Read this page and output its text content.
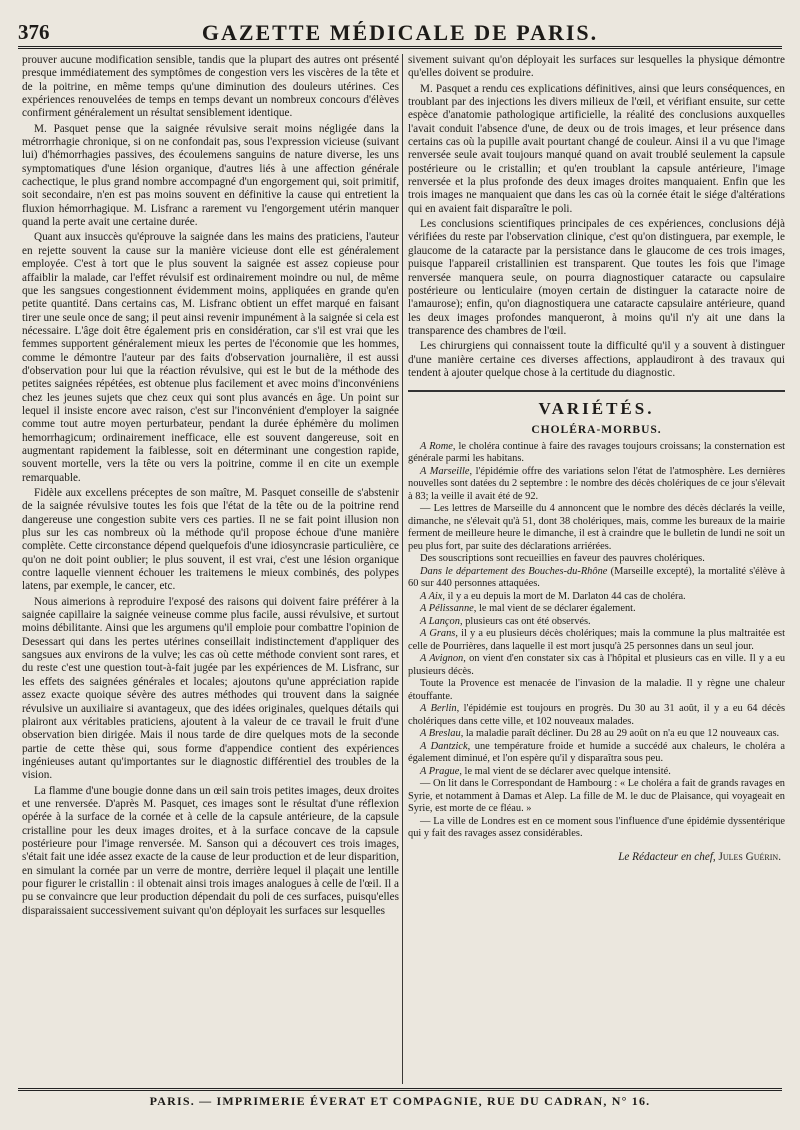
376	GAZETTE MÉDICALE DE PARIS.

prouver aucune modification sensible, tandis que la plupart des autres ont présenté presque immédiatement des symptômes de congestion vers les viscères de la tête et de la poitrine, en même temps qu'une diminution des douleurs utérines. Ces expériences renouvelées de temps en temps devant un nombreux concours d'élèves confirment généralement un résultat sensiblement identique.

M. Pasquet pense que la saignée révulsive serait moins négligée dans la métrorrhagie chronique, si on ne confondait pas, sous l'expression vicieuse (suivant lui) d'hémorrhagies passives, des écoulemens sanguins de nature diverse, les uns symptomatiques d'une lésion organique, d'autres liés à une affection générale cachectique, le plus grand nombre accompagné d'un engorgement qui, soit primitif, soit secondaire, n'en est pas moins souvent en définitive la cause qui entretient la fluxion hémorrhagique. M. Lisfranc a rarement vu l'engorgement utérin manquer quand la perte avait une certaine durée.

Quant aux insuccès qu'éprouve la saignée dans les mains des praticiens, l'auteur en rejette souvent la cause sur la manière vicieuse dont elle est généralement employée. C'est à tort que le plus souvent la saignée est assez copieuse pour affaiblir la malade, car l'effet révulsif est ordinairement moindre ou nul, de même que les sangsues congestionnent évidemment moins, appliquées en grande qu'en petite quantité. Dans certains cas, M. Lisfranc obtient un effet marqué en faisant tirer une seule once de sang; il peut ainsi revenir impunément à la saignée si cela est nécessaire. L'âge doit être également pris en considération, car s'il est vrai que les femmes supportent généralement mieux les pertes de l'économie que les hommes, comme le démontre l'auteur par des faits d'observation journalière, il est aussi d'observation pour lui que la réaction révulsive, qui est le but de la méthode des petites saignées répétées, est obtenue plus facilement et avec moins d'inconvéniens chez les jeunes sujets que chez ceux qui sont plus avancés en âge. Un point sur lequel il insiste encore avec raison, c'est sur l'inconvénient d'employer la saignée comme tout autre moyen perturbateur, pendant la durée éphémère du molimen hemorrhagicum; ordinairement inefficace, elle est souvent dangereuse, soit en augmentant rapidement la faiblesse, soit en déterminant une congestion rapide, souvent mortelle, vers la tête ou vers la poitrine, comme il en cite un exemple remarquable.

Fidèle aux excellens préceptes de son maître, M. Pasquet conseille de s'abstenir de la saignée révulsive toutes les fois que l'état de la tête ou de la poitrine rend dangereuse une congestion subite vers ces parties. Il ne se fait point illusion non plus sur les cas nombreux où la méthode qu'il propose échoue d'une manière complète. Cette circonstance dépend quelquefois d'une idiosyncrasie particulière, ce qu'on ne doit point oublier; le plus souvent, il est vrai, c'est une lésion organique contre laquelle viennent échouer les traitemens le mieux combinés, des polypes latens, par exemple, le cancer, etc.

Nous aimerions à reproduire l'exposé des raisons qui doivent faire préférer à la saignée capillaire la saignée veineuse comme plus facile, aussi révulsive, et surtout moins débilitante. Ainsi que les argumens qu'il emploie pour combattre l'opinion de Desessart qui dans les pertes utérines conseillait indistinctement d'appliquer des sangsues aux environs de la vulve; les cas où cette méthode convient sont rares, et du reste c'est une question tout-à-fait jugée par les expériences de M. Lisfranc, sur les effets des saignées générales et locales; ajoutons qu'une appréciation rapide assez exacte quoique sévère des autres méthodes qui trouvent dans la saignée révulsive un auxiliaire si avantageux, que des idées originales, quelques détails qui plairont aux véritables praticiens, ajoutent à la valeur de ce travail le fruit d'une observation bien dirigée. Mais il nous tarde de dire quelques mots de la seconde partie de cette thèse qui, sous forme d'appendice contient des expériences ingénieuses autant qu'importantes sur le diagnostic différentiel des troubles de la vision.

La flamme d'une bougie donne dans un œil sain trois petites images, deux droites et une renversée. D'après M. Pasquet, ces images sont le résultat d'une réflexion opérée à la surface de la cornée et à celle de la capsule antérieure, de la capsule cristalline pour les deux images droites, et à la surface concave de la capsule postérieure pour l'image renversée. M. Sanson qui a découvert ces trois images, s'était fait une idée assez exacte de la cause de leur production et de leur disparition, en simulant la cornée par un verre de montre, derrière lequel il plaçait une lentille pour figurer le cristallin : il obtenait ainsi trois images analogues à celle de l'œil. Il a pu se convaincre que leur production dépendait du poli de ces surfaces, puisqu'elles disparaissaient successivement suivant qu'on déployait les surfaces sur lesquelles

sivement suivant qu'on déployait les surfaces sur lesquelles la physique démontre qu'elles doivent se produire.

M. Pasquet a rendu ces explications définitives, ainsi que leurs conséquences, en troublant par des injections les divers milieux de l'œil, et vérifiant ensuite, sur cette espèce d'anatomie pathologique artificielle, la réalité des conclusions auxquelles l'avait conduit l'absence d'une, de deux ou de trois images, et leur présence dans certains cas où la pupille avait pourtant changé de couleur. Ainsi il a vu que l'image renversée seule avait toujours manqué quand on avait troublé seulement la capsule postérieure ou le cristallin; et qu'en troublant la capsule antérieure, l'image renversée et la plus profonde des deux images droites manquaient. Enfin que les trois images ne manquaient que dans les cas où la cornée était le siége d'altérations qui en avaient fait disparaître le poli.

Les conclusions scientifiques principales de ces expériences, conclusions déjà vérifiées du reste par l'observation clinique, c'est qu'on distinguera, par exemple, le glaucome de la cataracte par la persistance dans le glaucome de ces trois images, puisque l'appareil cristallinien est transparent. Que toutes les fois que l'image renversée manquera seule, on pourra diagnostiquer cataracte ou capsulaire postérieure ou lenticulaire (moyen certain de distinguer la cataracte noire de l'amaurose); enfin, qu'on diagnostiquera une cataracte capsulaire antérieure, quand les deux images profondes manqueront, à moins qu'il n'y ait une dans la transparence des chambres de l'œil.

Les chirurgiens qui connaissent toute la difficulté qu'il y a souvent à distinguer d'une manière certaine ces diverses affections, applaudiront à des travaux qui tendent à ajouter quelque chose à la certitude du diagnostic.

VARIÉTÉS.
CHOLÉRA-MORBUS.

A Rome, le choléra continue à faire des ravages toujours croissans; la consternation est générale parmi les habitans.

A Marseille, l'épidémie offre des variations selon l'état de l'atmosphère. Les dernières nouvelles sont datées du 2 septembre : le nombre des décès cholériques de ce jour s'élevait à 83; la veille il avait été de 92.

— Les lettres de Marseille du 4 annoncent que le nombre des décès déclarés la veille, dimanche, ne s'élevait qu'à 51, dont 38 cholériques, mais, comme les bureaux de la mairie ferment de meilleure heure le dimanche, il est à craindre que le bulletin de lundi ne soit un peu plus fort, par suite des déclarations arriérées.

Des souscriptions sont recueillies en faveur des pauvres cholériques.

Dans le département des Bouches-du-Rhône (Marseille excepté), la mortalité s'élève à 60 sur 440 personnes attaquées.

A Aix, il y a eu depuis la mort de M. Darlaton 44 cas de choléra.

A Pélissanne, le mal vient de se déclarer également.

A Lançon, plusieurs cas ont été observés.

A Grans, il y a eu plusieurs décès cholériques; mais la commune la plus maltraitée est celle de Pourrières, dans laquelle il est mort jusqu'à 25 personnes dans un seul jour.

A Avignon, on vient d'en constater six cas à l'hôpital et plusieurs cas en ville. Il y a eu plusieurs décès.

Toute la Provence est menacée de l'invasion de la maladie. Il y règne une chaleur étouffante.

A Berlin, l'épidémie est toujours en progrès. Du 30 au 31 août, il y a eu 64 décès cholériques dans cette ville, et 102 nouveaux malades.

A Breslau, la maladie paraît décliner. Du 28 au 29 août on n'a eu que 12 nouveaux cas.

A Dantzick, une température froide et humide a succédé aux chaleurs, le choléra a également diminué, et l'on espère qu'il y disparaîtra sous peu.

A Prague, le mal vient de se déclarer avec quelque intensité.

— On lit dans le Correspondant de Hambourg : « Le choléra a fait de grands ravages en Syrie, et notamment à Damas et Alep. La fille de M. le duc de Plaisance, qui voyageait en Syrie, est morte de ce fléau. »

— La ville de Londres est en ce moment sous l'influence d'une épidémie dyssentérique qui y fait des ravages assez considérables.

Le Rédacteur en chef, Jules Guérin.
PARIS. — IMPRIMERIE ÉVERAT ET COMPAGNIE, RUE DU CADRAN, N° 16.
